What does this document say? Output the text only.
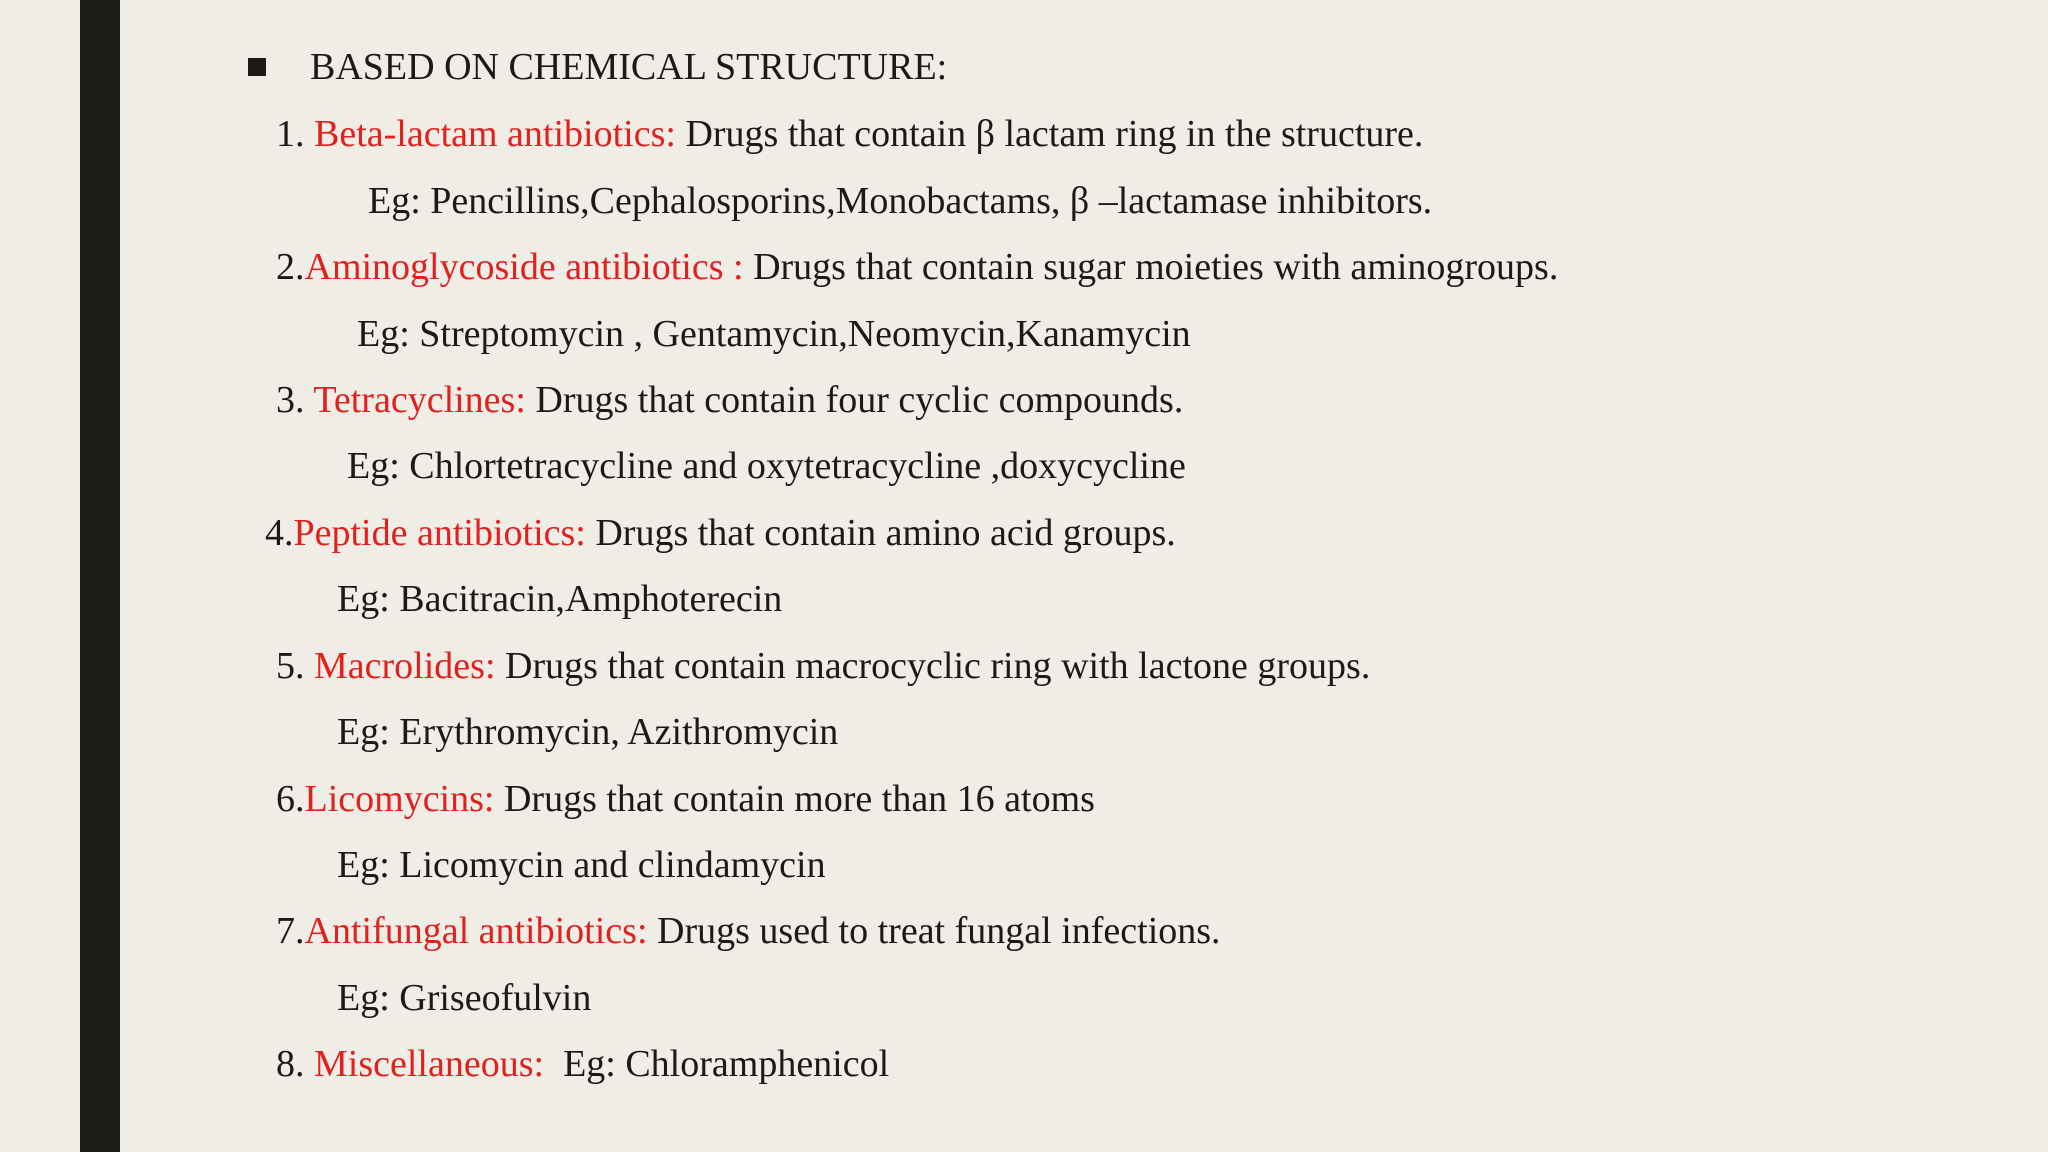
BASED ON CHEMICAL STRUCTURE:
1. Beta-lactam antibiotics: Drugs that contain β lactam ring in the structure.
Eg: Pencillins,Cephalosporins,Monobactams, β –lactamase inhibitors.
2.Aminoglycoside antibiotics : Drugs that contain sugar moieties with aminogroups.
Eg: Streptomycin , Gentamycin,Neomycin,Kanamycin
3. Tetracyclines: Drugs that contain four cyclic compounds.
Eg: Chlortetracycline and oxytetracycline ,doxycycline
4.Peptide antibiotics: Drugs that contain amino acid groups.
Eg: Bacitracin,Amphoterecin
5. Macrolides: Drugs that contain macrocyclic ring with lactone groups.
Eg: Erythromycin, Azithromycin
6.Licomycins: Drugs that contain more than 16 atoms
Eg: Licomycin and clindamycin
7.Antifungal antibiotics: Drugs used to treat fungal infections.
Eg: Griseofulvin
8. Miscellaneous:  Eg: Chloramphenicol
